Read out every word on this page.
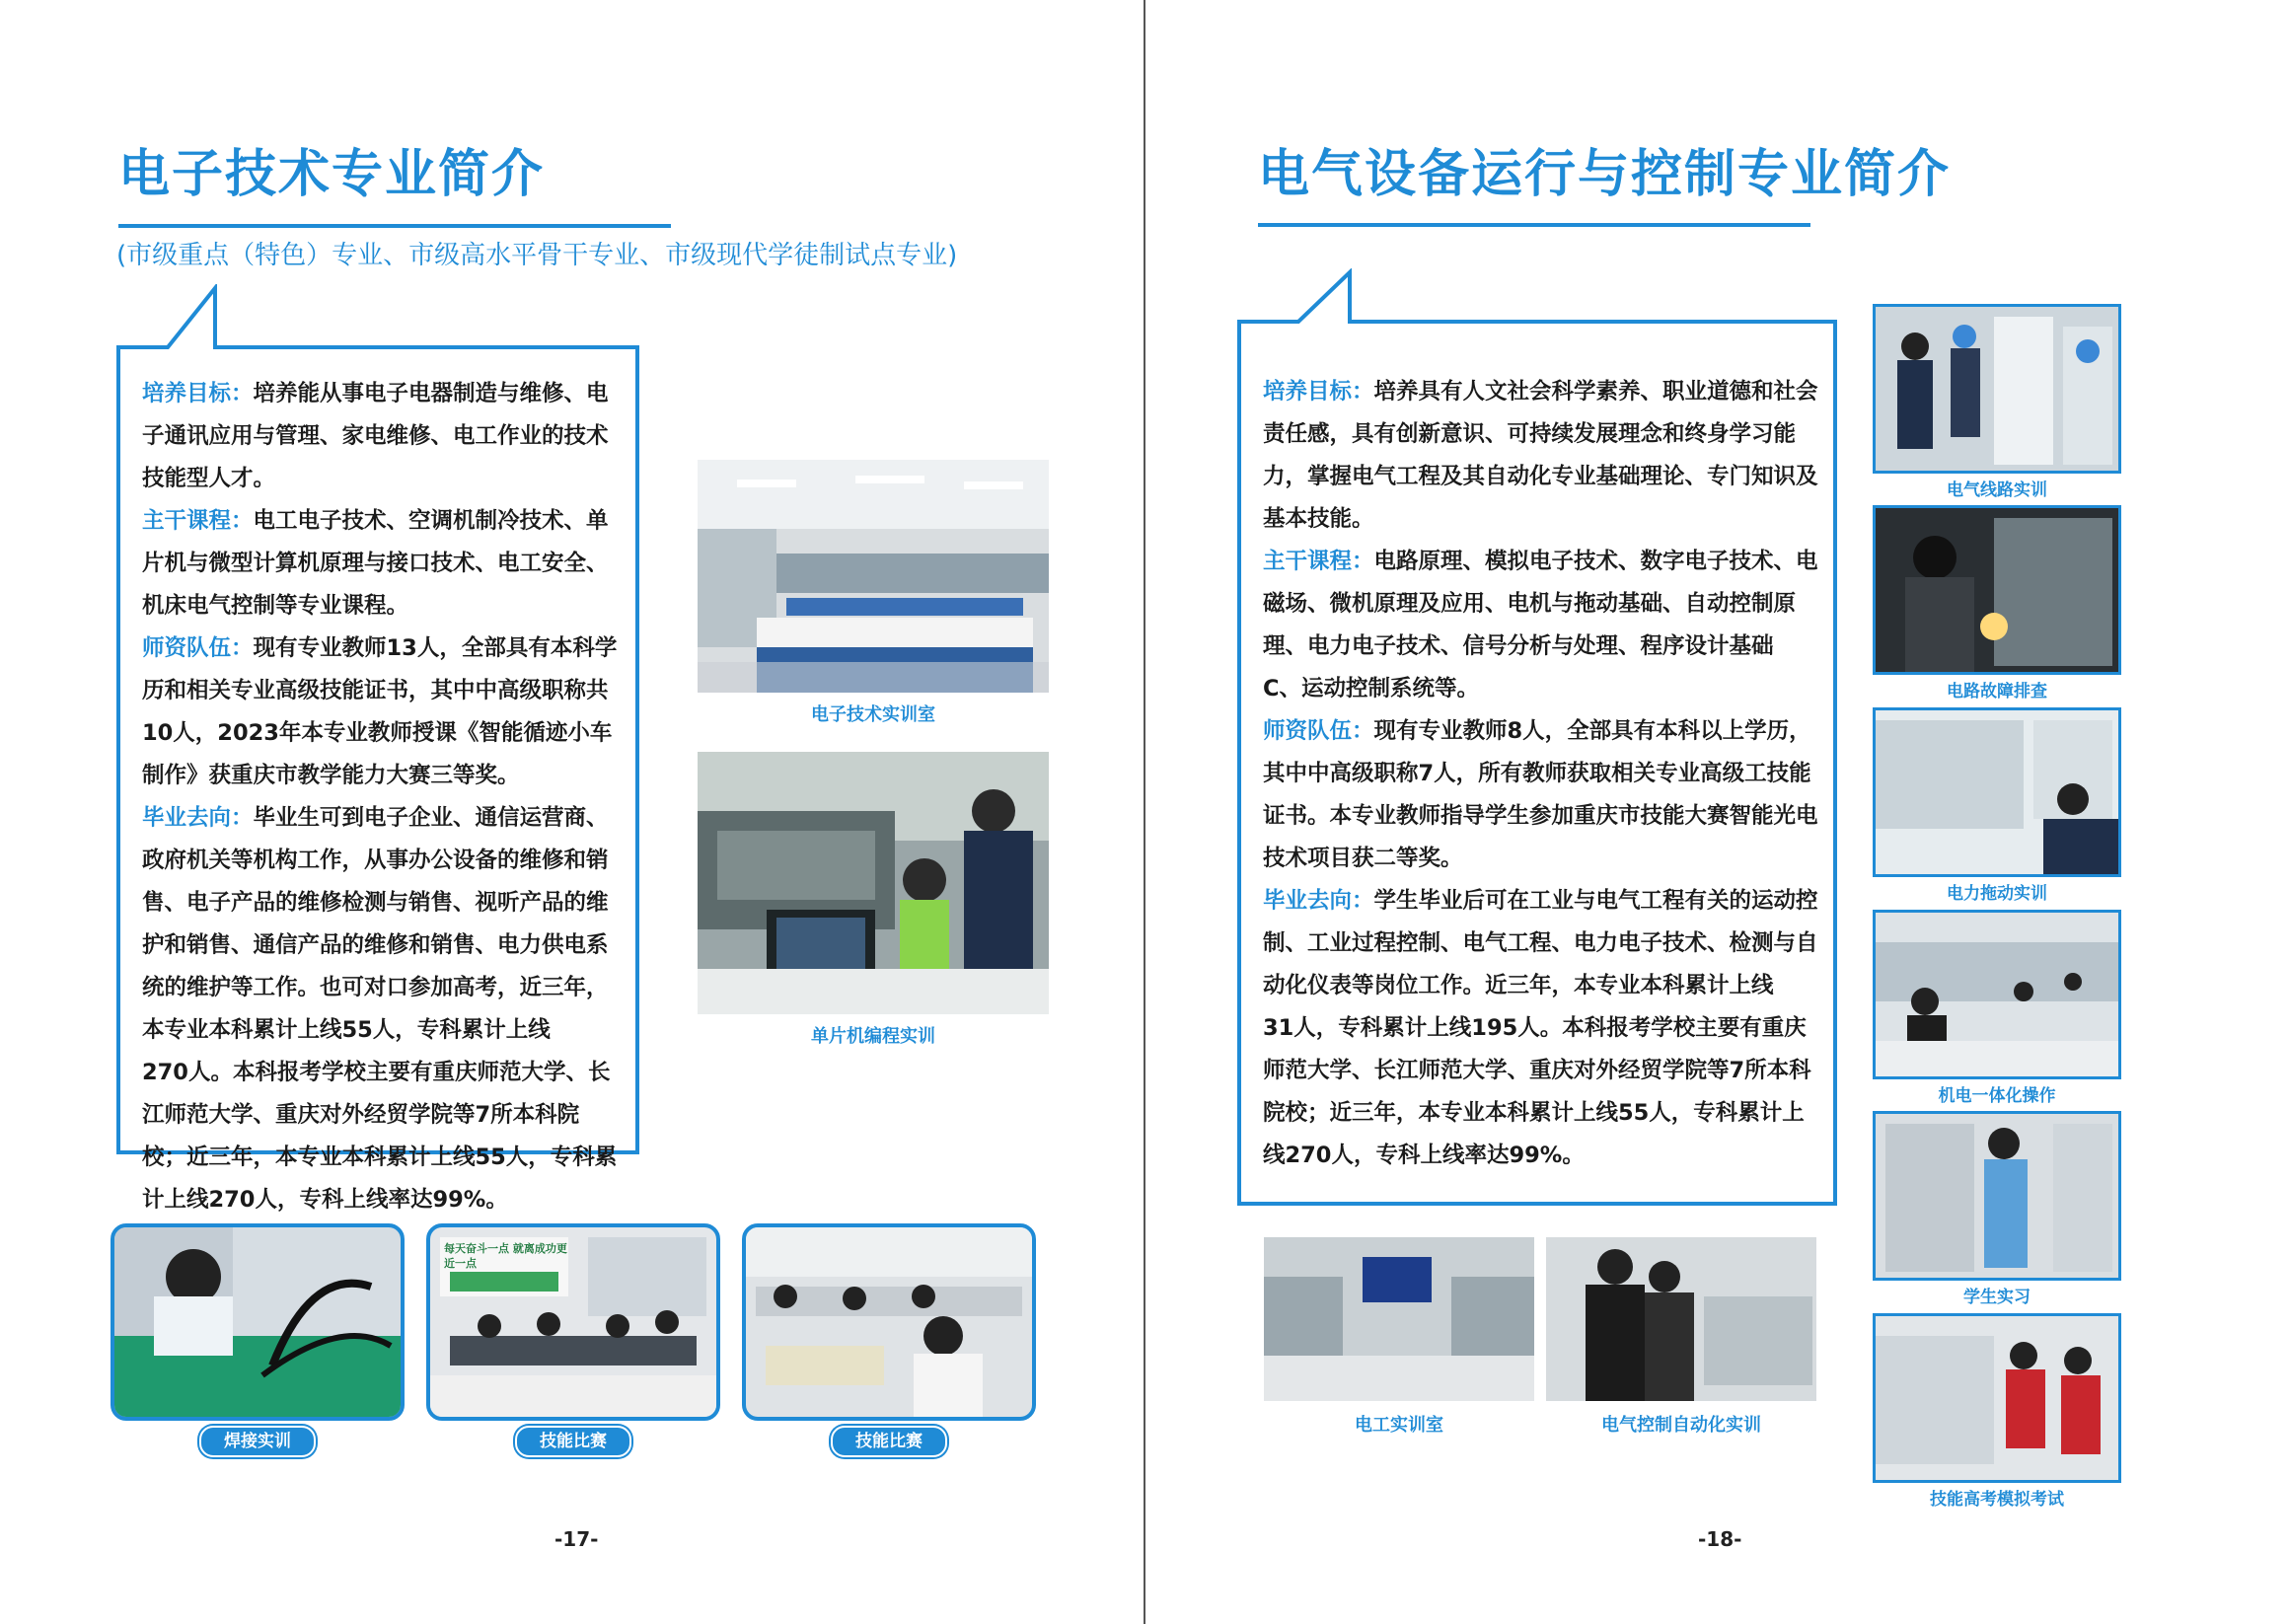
电子技术专业简介
(市级重点（特色）专业、市级高水平骨干专业、市级现代学徒制试点专业)

培养目标：培养能从事电子电器制造与维修、电
子通讯应用与管理、家电维修、电工作业的技术
技能型人才。

主干课程：电工电子技术、空调机制冷技术、单
片机与微型计算机原理与接口技术、电工安全、
机床电气控制等专业课程。

师资队伍：现有专业教师13人，全部具有本科学
历和相关专业高级技能证书，其中中高级职称共
10人，2023年本专业教师授课《智能循迹小车
制作》获重庆市教学能力大赛三等奖。

毕业去向：毕业生可到电子企业、通信运营商、
政府机关等机构工作，从事办公设备的维修和销
售、电子产品的维修检测与销售、视听产品的维
护和销售、通信产品的维修和销售、电力供电系
统的维护等工作。也可对口参加高考，近三年，
本专业本科累计上线55人，专科累计上线
270人。本科报考学校主要有重庆师范大学、长
江师范大学、重庆对外经贸学院等7所本科院
校；近三年，本专业本科累计上线55人，专科累
计上线270人，专科上线率达99%。

电子技术实训室
单片机编程实训
焊接实训
每天奋斗一点 就离成功更近一点
技能比赛	技能比赛
-17-
电气设备运行与控制专业简介

培养目标：培养具有人文社会科学素养、职业道德和社会
责任感，具有创新意识、可持续发展理念和终身学习能
力，掌握电气工程及其自动化专业基础理论、专门知识及
基本技能。

主干课程：电路原理、模拟电子技术、数字电子技术、电
磁场、微机原理及应用、电机与拖动基础、自动控制原
理、电力电子技术、信号分析与处理、程序设计基础
C、运动控制系统等。

师资队伍：现有专业教师8人，全部具有本科以上学历，
其中中高级职称7人，所有教师获取相关专业高级工技能
证书。本专业教师指导学生参加重庆市技能大赛智能光电
技术项目获二等奖。

毕业去向：学生毕业后可在工业与电气工程有关的运动控
制、工业过程控制、电气工程、电力电子技术、检测与自
动化仪表等岗位工作。近三年，本专业本科累计上线
31人，专科累计上线195人。本科报考学校主要有重庆
师范大学、长江师范大学、重庆对外经贸学院等7所本科
院校；近三年，本专业本科累计上线55人，专科累计上
线270人，专科上线率达99%。

电气线路实训
电路故障排查
电力拖动实训
机电一体化操作
学生实习
技能高考模拟考试
电工实训室	电气控制自动化实训
-18-
